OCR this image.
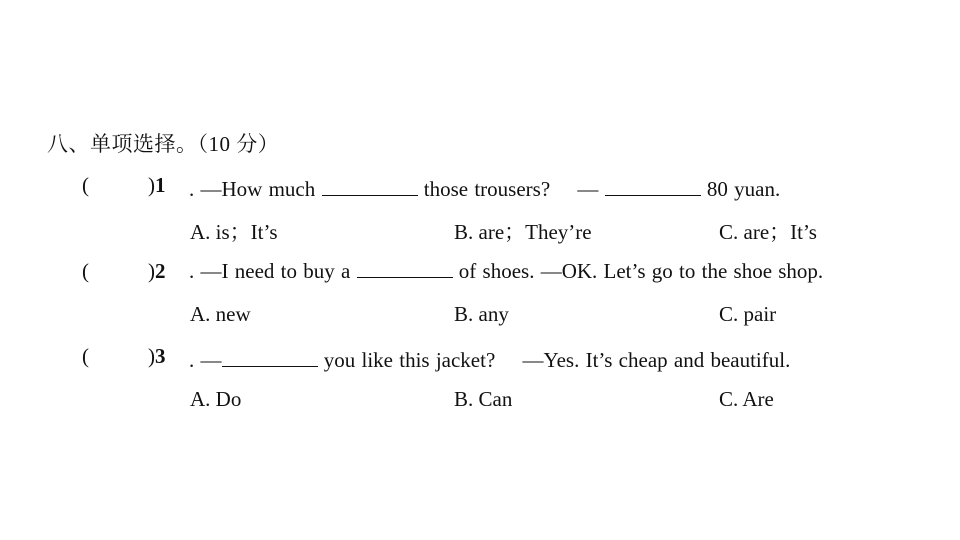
八、单项选择。（10 分）
(	)1 . —How much	those trousers?　 —	80 yuan.
A. is；It’s	B. are；They’re	C. are；It’s
(	)2 . —I need to buy a	of shoes. —OK. Let’s go to the shoe shop.
A. new	B. any	C. pair
(	)3 . —	you like this jacket?　 —Yes. It’s cheap and beautiful.
A. Do	B. Can	C. Are
